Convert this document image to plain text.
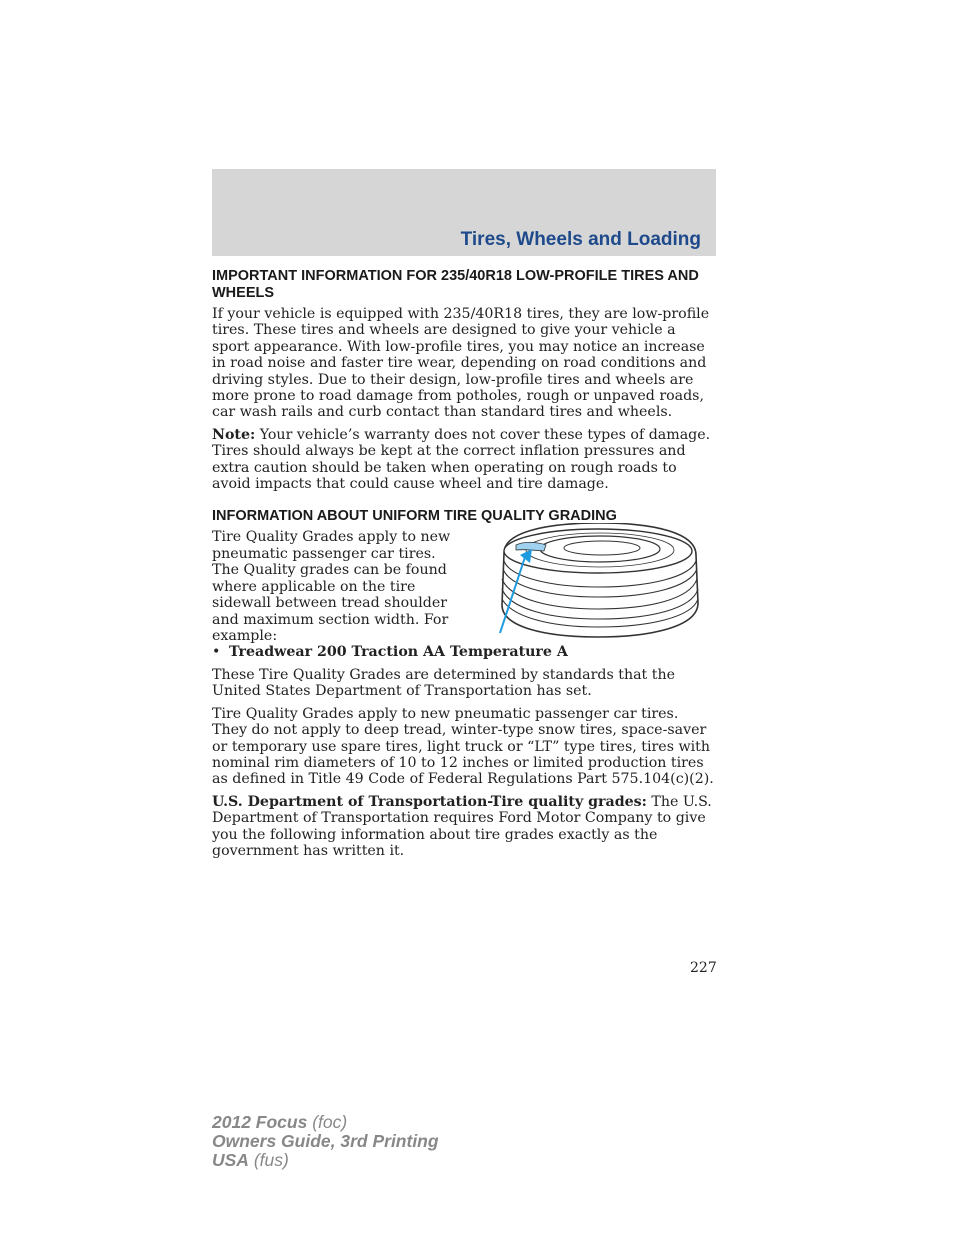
Tires, Wheels and Loading
IMPORTANT INFORMATION FOR 235/40R18 LOW-PROFILE TIRES AND WHEELS

If your vehicle is equipped with 235/40R18 tires, they are low-profile tires. These tires and wheels are designed to give your vehicle a sport appearance. With low-profile tires, you may notice an increase in road noise and faster tire wear, depending on road conditions and driving styles. Due to their design, low-profile tires and wheels are more prone to road damage from potholes, rough or unpaved roads, car wash rails and curb contact than standard tires and wheels.

Note: Your vehicle’s warranty does not cover these types of damage. Tires should always be kept at the correct inflation pressures and extra caution should be taken when operating on rough roads to avoid impacts that could cause wheel and tire damage.

INFORMATION ABOUT UNIFORM TIRE QUALITY GRADING

Tire Quality Grades apply to new pneumatic passenger car tires. The Quality grades can be found where applicable on the tire sidewall between tread shoulder and maximum section width. For example:

• Treadwear 200 Traction AA Temperature A

These Tire Quality Grades are determined by standards that the United States Department of Transportation has set.

Tire Quality Grades apply to new pneumatic passenger car tires. They do not apply to deep tread, winter-type snow tires, space-saver or temporary use spare tires, light truck or “LT” type tires, tires with nominal rim diameters of 10 to 12 inches or limited production tires as defined in Title 49 Code of Federal Regulations Part 575.104(c)(2).

U.S. Department of Transportation-Tire quality grades: The U.S. Department of Transportation requires Ford Motor Company to give you the following information about tire grades exactly as the government has written it.

227
2012 Focus (foc)
Owners Guide, 3rd Printing
USA (fus)
